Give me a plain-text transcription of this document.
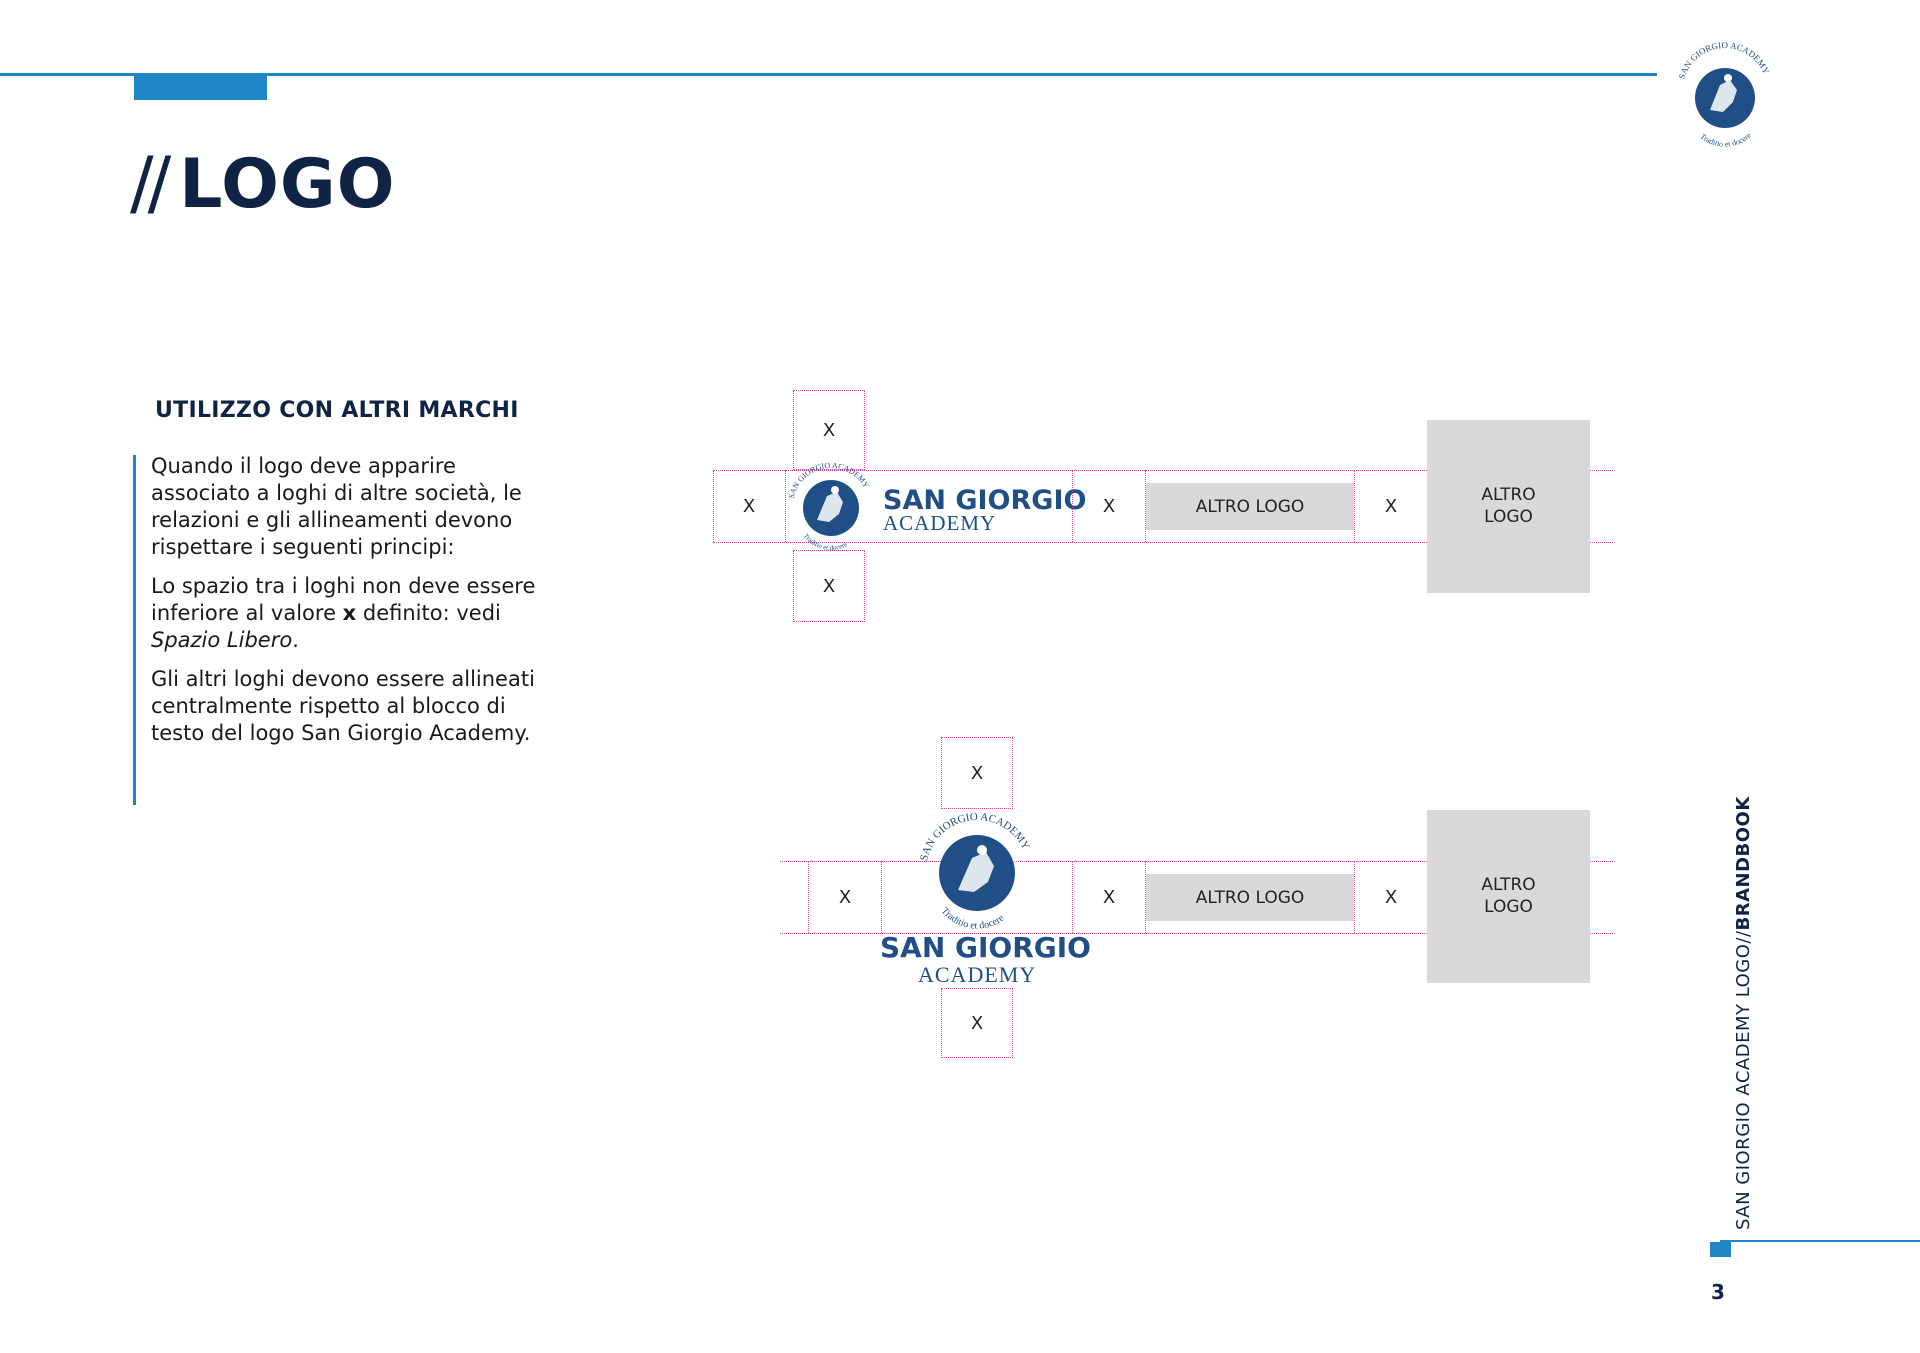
// LOGO
SAN GIORGIO ACADEMY
Traditio et docere
UTILIZZO CON ALTRI MARCHI

Quando il logo deve apparire associato a loghi di altre società, le relazioni e gli allineamenti devono rispettare i seguenti principi:

Lo spazio tra i loghi non deve essere inferiore al valore x definito: vedi Spazio Libero.

Gli altri loghi devono essere allineati centralmente rispetto al blocco di testo del logo San Giorgio Academy.

X
X
X
SAN GIORGIO ACADEMY
Traditio et docere
SAN GIORGIO
ACADEMY
X	ALTRO LOGO	X
ALTRO
LOGO
X
X
X
SAN GIORGIO ACADEMY
Traditio et docere
SAN GIORGIO
ACADEMY
X	ALTRO LOGO	X
ALTRO
LOGO
SAN GIORGIO ACADEMY LOGO//BRANDBOOK
3
